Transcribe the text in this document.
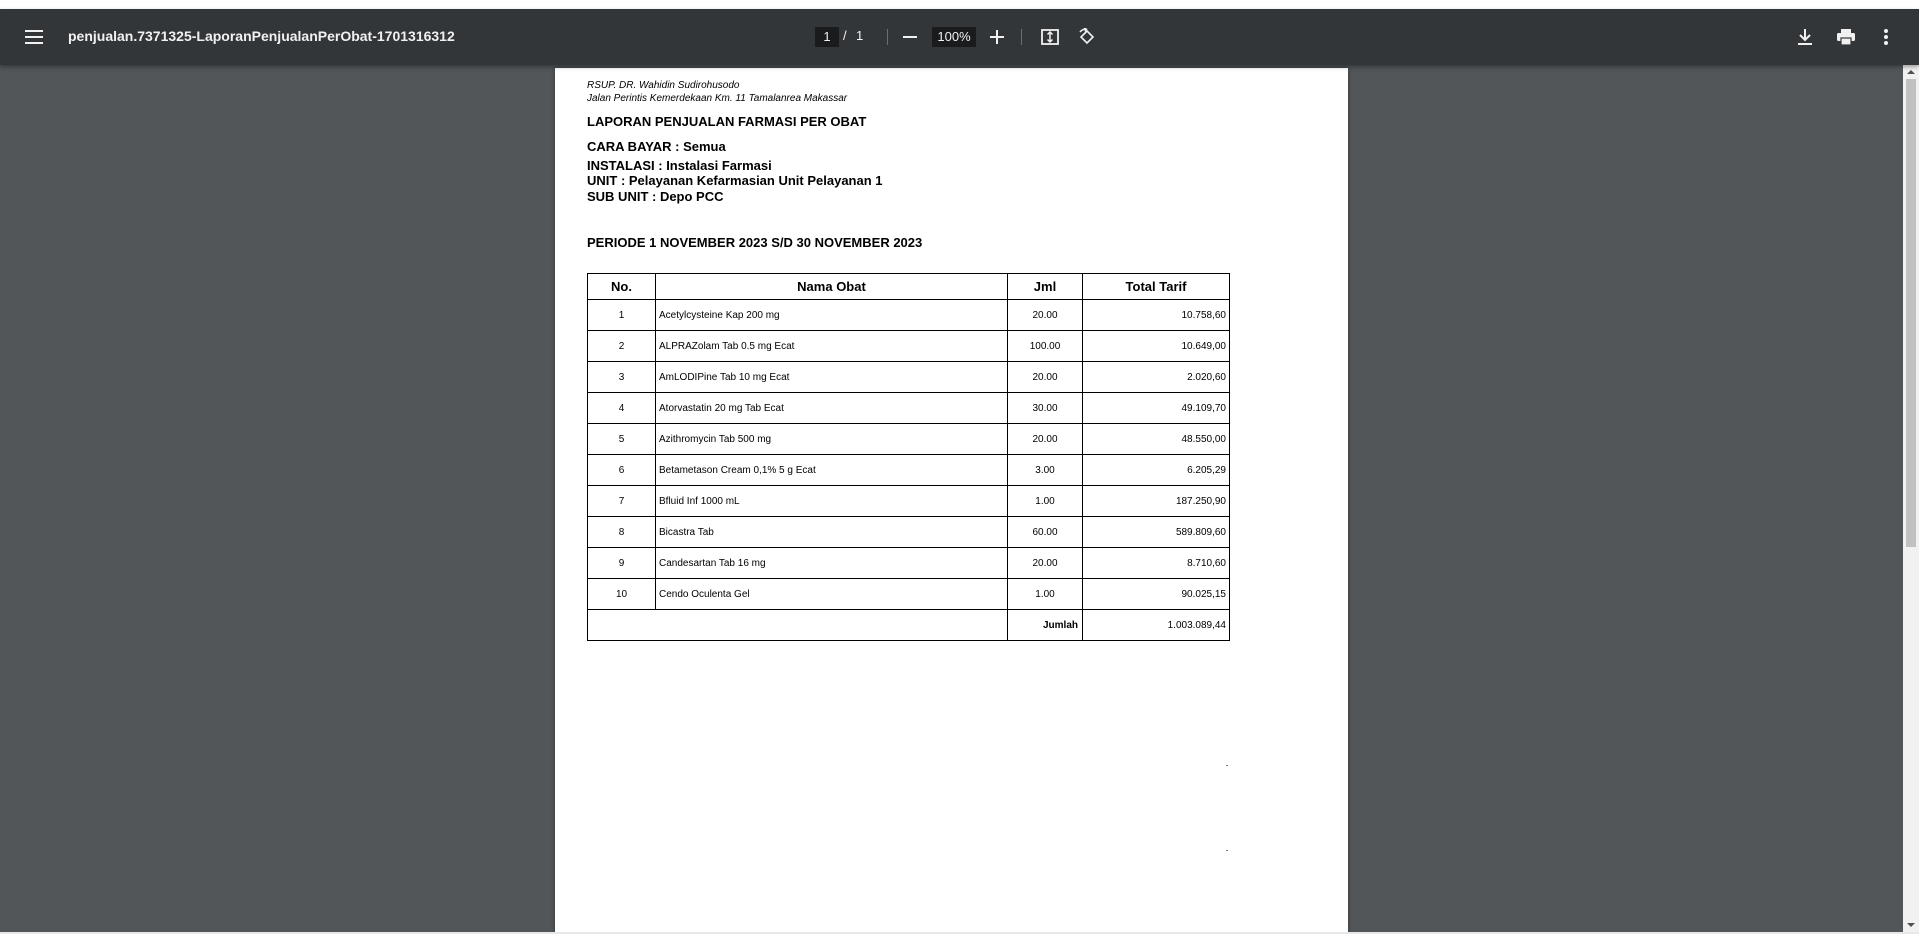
penjualan.7371325-LaporanPenjualanPerObat-1701316312	1 / 1	100%
RSUP. DR. Wahidin Sudirohusodo
Jalan Perintis Kemerdekaan Km. 11 Tamalanrea Makassar
LAPORAN PENJUALAN FARMASI PER OBAT
CARA BAYAR : Semua
INSTALASI : Instalasi Farmasi
UNIT : Pelayanan Kefarmasian Unit Pelayanan 1
SUB UNIT : Depo PCC
PERIODE 1 NOVEMBER 2023 S/D 30 NOVEMBER 2023
No.	Nama Obat	Jml	Total Tarif
1	Acetylcysteine Kap 200 mg	20.00	10.758,60
2	ALPRAZolam Tab 0.5 mg Ecat	100.00	10.649,00
3	AmLODIPine Tab 10 mg Ecat	20.00	2.020,60
4	Atorvastatin 20 mg Tab Ecat	30.00	49.109,70
5	Azithromycin Tab 500 mg	20.00	48.550,00
6	Betametason Cream 0,1% 5 g Ecat	3.00	6.205,29
7	Bfluid Inf 1000 mL	1.00	187.250,90
8	Bicastra Tab	60.00	589.809,60
9	Candesartan Tab 16 mg	20.00	8.710,60
10	Cendo Oculenta Gel	1.00	90.025,15
		Jumlah	1.003.089,44
